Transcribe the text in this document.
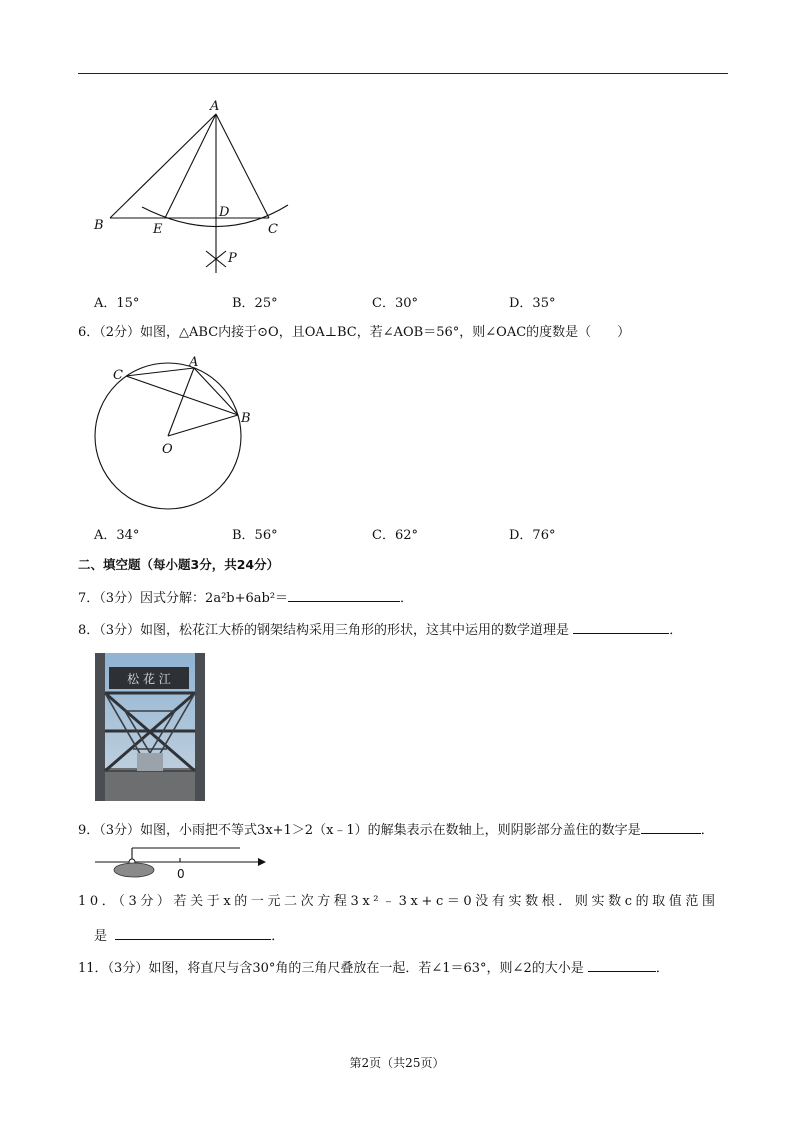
A
B
D
E	C
P
A．15°	B．25°	C．30°	D．35°
6．（2分）如图，△ABC内接于⊙O，且OA⊥BC，若∠AOB＝56°，则∠OAC的度数是（　　）
A
C
B
O
A．34°	B．56°	C．62°	D．76°
二、填空题（每小题3分，共24分）
7．（3分）因式分解：2a²b+6ab²＝	．
8．（3分）如图，松花江大桥的钢架结构采用三角形的形状，这其中运用的数学道理是	．
松 花 江
9．（3分）如图，小雨把不等式3x+1＞2（x﹣1）的解集表示在数轴上，则阴影部分盖住的数字是	．
0
10．（3分）若关于x的一元二次方程3x²﹣3x+c＝0没有实数根．则实数c的取值范围
是	．
11．（3分）如图，将直尺与含30°角的三角尺叠放在一起．若∠1＝63°，则∠2的大小是	．
第2页（共25页）
